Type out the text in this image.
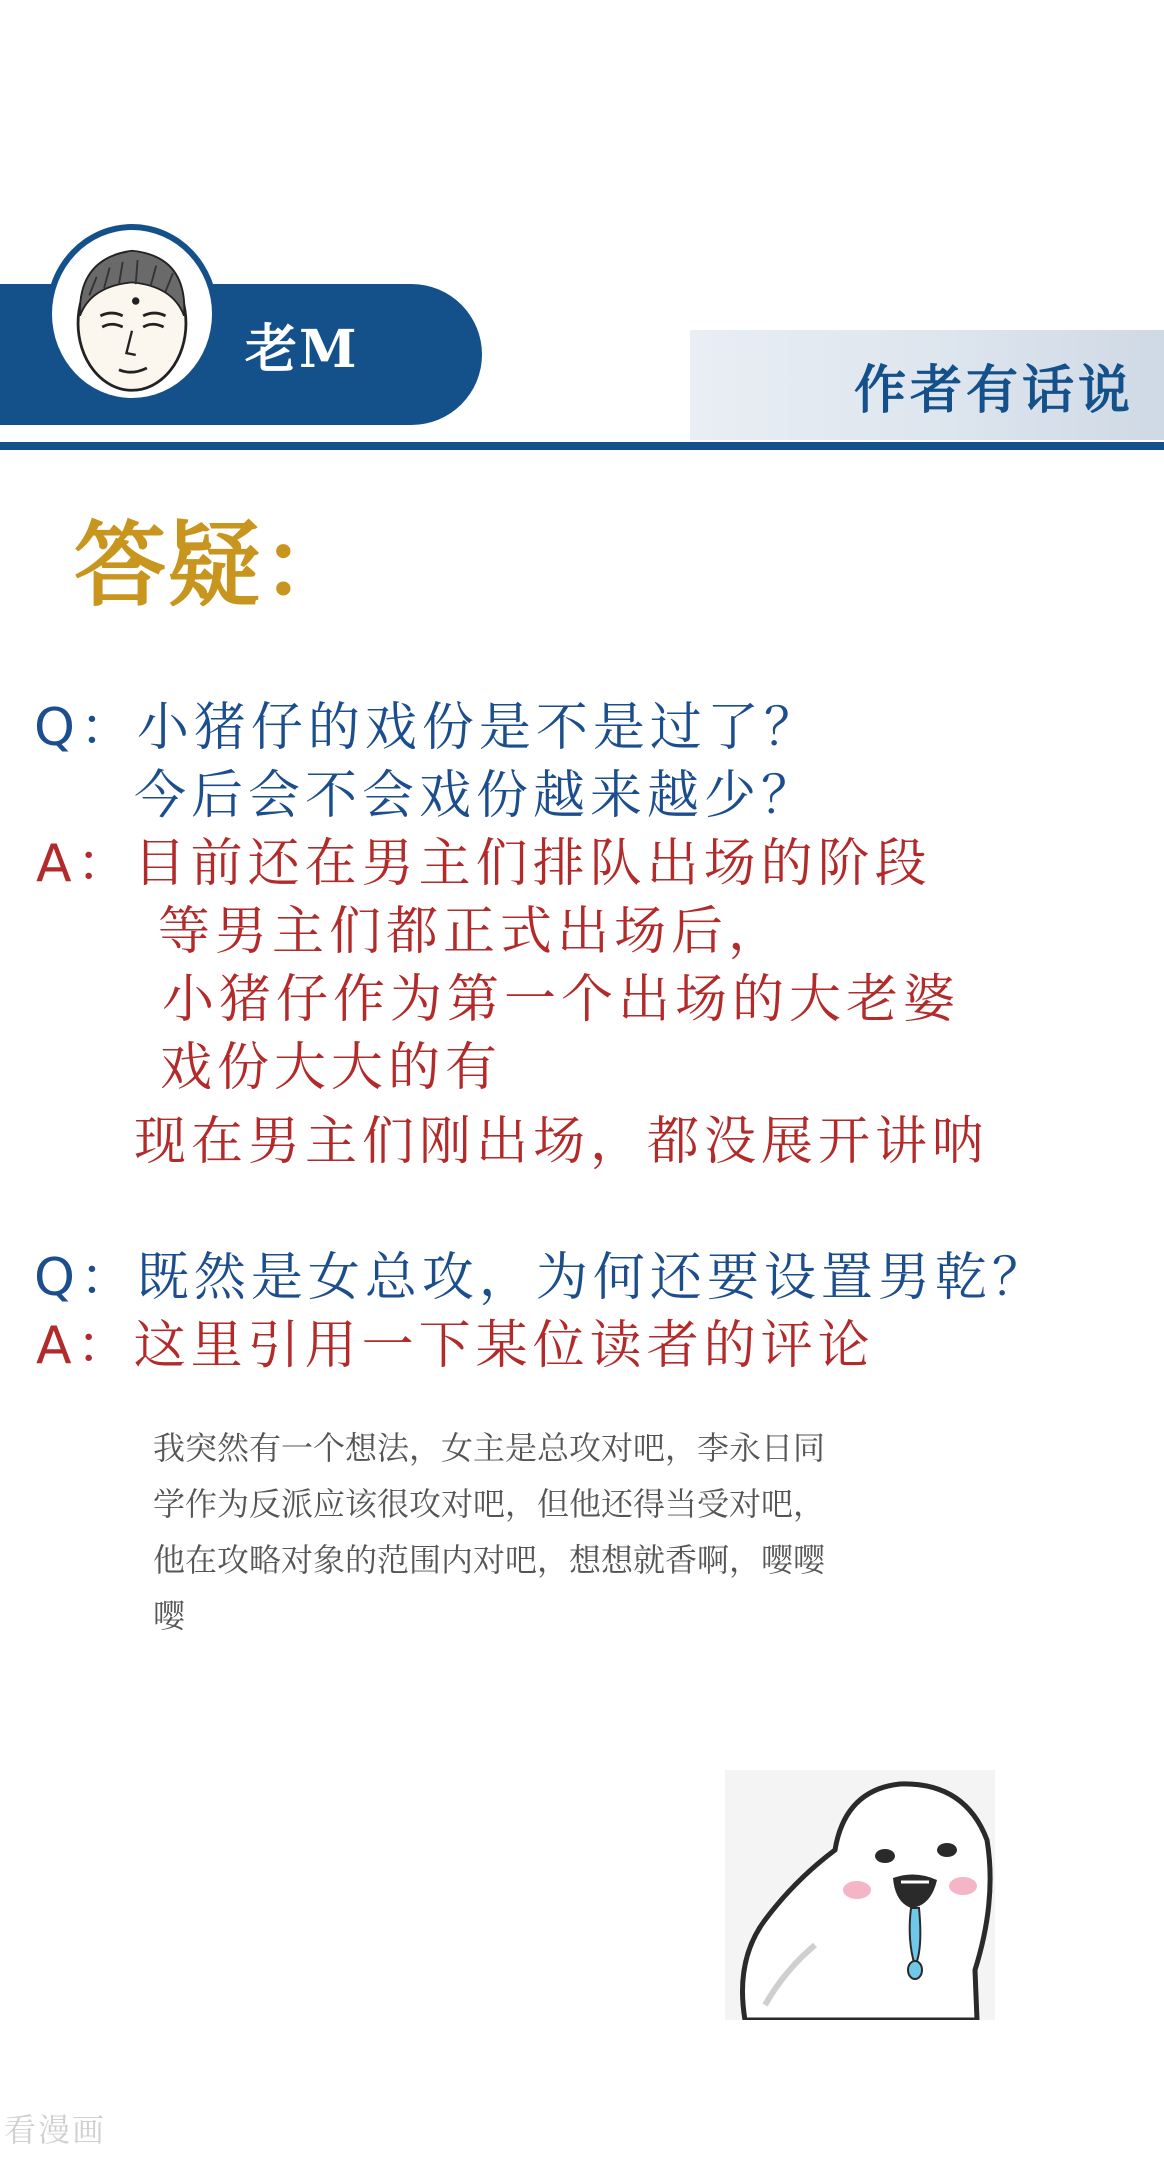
老M
作者有话说
答疑：
Q：小猪仔的戏份是不是过了？
今后会不会戏份越来越少？
A：目前还在男主们排队出场的阶段
等男主们都正式出场后，
小猪仔作为第一个出场的大老婆
戏份大大的有
现在男主们刚出场，都没展开讲呐
Q：既然是女总攻，为何还要设置男乾？
A：这里引用一下某位读者的评论
我突然有一个想法，女主是总攻对吧，李永日同
学作为反派应该很攻对吧，但他还得当受对吧，
他在攻略对象的范围内对吧，想想就香啊，嘤嘤
嘤
看漫画
